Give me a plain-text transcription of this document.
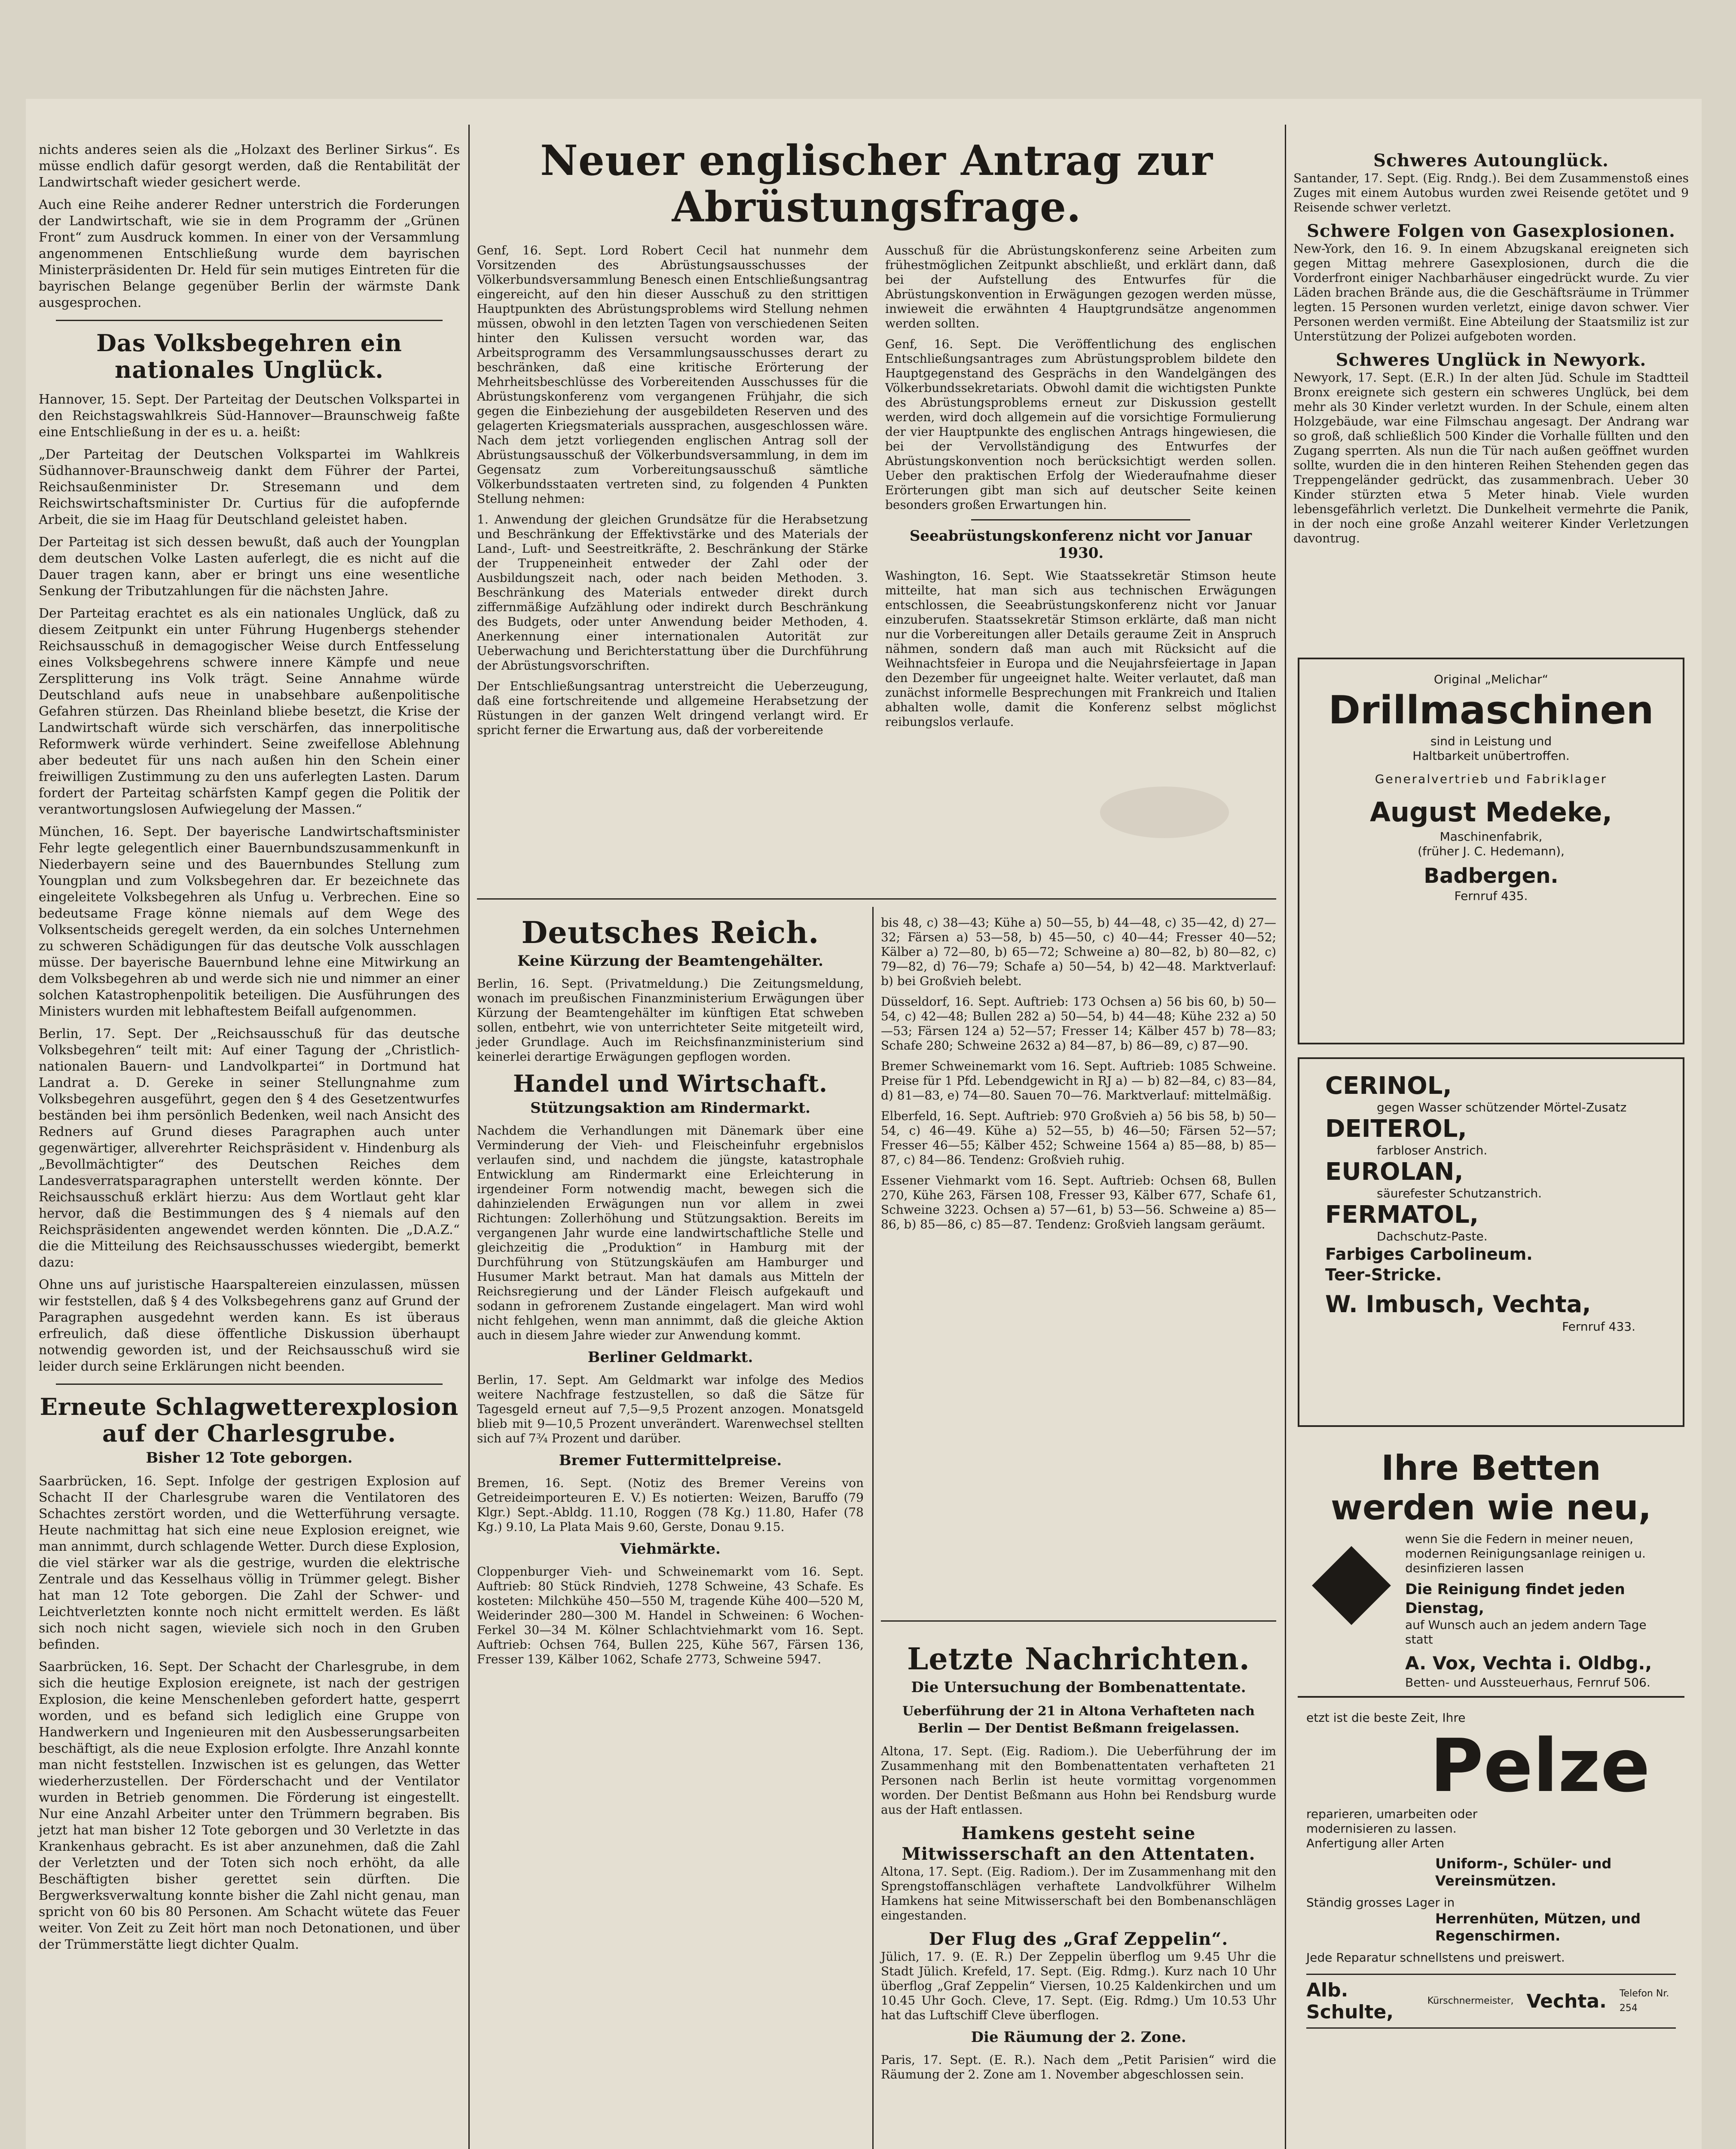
nichts anderes seien als die „Holzaxt des Berliner Sirkus“. Es müsse endlich dafür gesorgt werden, daß die Rentabilität der Landwirtschaft wieder gesichert werde.

Auch eine Reihe anderer Redner unterstrich die Forderungen der Landwirtschaft, wie sie in dem Programm der „Grünen Front“ zum Ausdruck kommen. In einer von der Versammlung angenommenen Entschließung wurde dem bayrischen Ministerpräsidenten Dr. Held für sein mutiges Eintreten für die bayrischen Belange gegenüber Berlin der wärmste Dank ausgesprochen.

Das Volksbegehren ein nationales Unglück.

Hannover, 15. Sept. Der Parteitag der Deutschen Volkspartei in den Reichstagswahlkreis Süd-Hannover—Braunschweig faßte eine Entschließung in der es u. a. heißt:

„Der Parteitag der Deutschen Volkspartei im Wahlkreis Südhannover-Braunschweig dankt dem Führer der Partei, Reichsaußenminister Dr. Stresemann und dem Reichswirtschaftsminister Dr. Curtius für die aufopfernde Arbeit, die sie im Haag für Deutschland geleistet haben.

Der Parteitag ist sich dessen bewußt, daß auch der Youngplan dem deutschen Volke Lasten auferlegt, die es nicht auf die Dauer tragen kann, aber er bringt uns eine wesentliche Senkung der Tributzahlungen für die nächsten Jahre.

Der Parteitag erachtet es als ein nationales Unglück, daß zu diesem Zeitpunkt ein unter Führung Hugenbergs stehender Reichsausschuß in demagogischer Weise durch Entfesselung eines Volksbegehrens schwere innere Kämpfe und neue Zersplitterung ins Volk trägt. Seine Annahme würde Deutschland aufs neue in unabsehbare außenpolitische Gefahren stürzen. Das Rheinland bliebe besetzt, die Krise der Landwirtschaft würde sich verschärfen, das innerpolitische Reformwerk würde verhindert. Seine zweifellose Ablehnung aber bedeutet für uns nach außen hin den Schein einer freiwilligen Zustimmung zu den uns auferlegten Lasten. Darum fordert der Parteitag schärfsten Kampf gegen die Politik der verantwortungslosen Aufwiegelung der Massen.“

München, 16. Sept. Der bayerische Landwirtschaftsminister Fehr legte gelegentlich einer Bauernbundszusammenkunft in Niederbayern seine und des Bauernbundes Stellung zum Youngplan und zum Volksbegehren dar. Er bezeichnete das eingeleitete Volksbegehren als Unfug u. Verbrechen. Eine so bedeutsame Frage könne niemals auf dem Wege des Volksentscheids geregelt werden, da ein solches Unternehmen zu schweren Schädigungen für das deutsche Volk ausschlagen müsse. Der bayerische Bauernbund lehne eine Mitwirkung an dem Volksbegehren ab und werde sich nie und nimmer an einer solchen Katastrophenpolitik beteiligen. Die Ausführungen des Ministers wurden mit lebhaftestem Beifall aufgenommen.

Berlin, 17. Sept. Der „Reichsausschuß für das deutsche Volksbegehren“ teilt mit: Auf einer Tagung der „Christlich-nationalen Bauern- und Landvolkpartei“ in Dortmund hat Landrat a. D. Gereke in seiner Stellungnahme zum Volksbegehren ausgeführt, gegen den § 4 des Gesetzentwurfes beständen bei ihm persönlich Bedenken, weil nach Ansicht des Redners auf Grund dieses Paragraphen auch unter gegenwärtiger, allverehrter Reichspräsident v. Hindenburg als „Bevollmächtigter“ des Deutschen Reiches dem Landesverratsparagraphen unterstellt werden könnte. Der Reichsausschuß erklärt hierzu: Aus dem Wortlaut geht klar hervor, daß die Bestimmungen des § 4 niemals auf den Reichspräsidenten angewendet werden könnten. Die „D.A.Z.“ die die Mitteilung des Reichsausschusses wiedergibt, bemerkt dazu:

Ohne uns auf juristische Haarspaltereien einzulassen, müssen wir feststellen, daß § 4 des Volksbegehrens ganz auf Grund der Paragraphen ausgedehnt werden kann. Es ist überaus erfreulich, daß diese öffentliche Diskussion überhaupt notwendig geworden ist, und der Reichsausschuß wird sie leider durch seine Erklärungen nicht beenden.

Erneute Schlagwetterexplosion auf der Charlesgrube.
Bisher 12 Tote geborgen.

Saarbrücken, 16. Sept. Infolge der gestrigen Explosion auf Schacht II der Charlesgrube waren die Ventilatoren des Schachtes zerstört worden, und die Wetterführung versagte. Heute nachmittag hat sich eine neue Explosion ereignet, wie man annimmt, durch schlagende Wetter. Durch diese Explosion, die viel stärker war als die gestrige, wurden die elektrische Zentrale und das Kesselhaus völlig in Trümmer gelegt. Bisher hat man 12 Tote geborgen. Die Zahl der Schwer- und Leichtverletzten konnte noch nicht ermittelt werden. Es läßt sich noch nicht sagen, wieviele sich noch in den Gruben befinden.

Saarbrücken, 16. Sept. Der Schacht der Charlesgrube, in dem sich die heutige Explosion ereignete, ist nach der gestrigen Explosion, die keine Menschenleben gefordert hatte, gesperrt worden, und es befand sich lediglich eine Gruppe von Handwerkern und Ingenieuren mit den Ausbesserungsarbeiten beschäftigt, als die neue Explosion erfolgte. Ihre Anzahl konnte man nicht feststellen. Inzwischen ist es gelungen, das Wetter wiederherzustellen. Der Förderschacht und der Ventilator wurden in Betrieb genommen. Die Förderung ist eingestellt. Nur eine Anzahl Arbeiter unter den Trümmern begraben. Bis jetzt hat man bisher 12 Tote geborgen und 30 Verletzte in das Krankenhaus gebracht. Es ist aber anzunehmen, daß die Zahl der Verletzten und der Toten sich noch erhöht, da alle Beschäftigten bisher gerettet sein dürften. Die Bergwerksverwaltung konnte bisher die Zahl nicht genau, man spricht von 60 bis 80 Personen. Am Schacht wütete das Feuer weiter. Von Zeit zu Zeit hört man noch Detonationen, und über der Trümmerstätte liegt dichter Qualm.

Neuer englischer Antrag zur Abrüstungsfrage.

Genf, 16. Sept. Lord Robert Cecil hat nunmehr dem Vorsitzenden des Abrüstungsausschusses der Völkerbundsversammlung Benesch einen Entschließungsantrag eingereicht, auf den hin dieser Ausschuß zu den strittigen Hauptpunkten des Abrüstungsproblems wird Stellung nehmen müssen, obwohl in den letzten Tagen von verschiedenen Seiten hinter den Kulissen versucht worden war, das Arbeitsprogramm des Versammlungsausschusses derart zu beschränken, daß eine kritische Erörterung der Mehrheitsbeschlüsse des Vorbereitenden Ausschusses für die Abrüstungskonferenz vom vergangenen Frühjahr, die sich gegen die Einbeziehung der ausgebildeten Reserven und des gelagerten Kriegsmaterials aussprachen, ausgeschlossen wäre. Nach dem jetzt vorliegenden englischen Antrag soll der Abrüstungsausschuß der Völkerbundsversammlung, in dem im Gegensatz zum Vorbereitungsausschuß sämtliche Völkerbundsstaaten vertreten sind, zu folgenden 4 Punkten Stellung nehmen:

1. Anwendung der gleichen Grundsätze für die Herabsetzung und Beschränkung der Effektivstärke und des Materials der Land-, Luft- und Seestreitkräfte, 2. Beschränkung der Stärke der Truppeneinheit entweder der Zahl oder der Ausbildungszeit nach, oder nach beiden Methoden. 3. Beschränkung des Materials entweder direkt durch ziffernmäßige Aufzählung oder indirekt durch Beschränkung des Budgets, oder unter Anwendung beider Methoden, 4. Anerkennung einer internationalen Autorität zur Ueberwachung und Berichterstattung über die Durchführung der Abrüstungsvorschriften.

Der Entschließungsantrag unterstreicht die Ueberzeugung, daß eine fortschreitende und allgemeine Herabsetzung der Rüstungen in der ganzen Welt dringend verlangt wird. Er spricht ferner die Erwartung aus, daß der vorbereitende

Ausschuß für die Abrüstungskonferenz seine Arbeiten zum frühestmöglichen Zeitpunkt abschließt, und erklärt dann, daß bei der Aufstellung des Entwurfes für die Abrüstungskonvention in Erwägungen gezogen werden müsse, inwieweit die erwähnten 4 Hauptgrundsätze angenommen werden sollten.

Genf, 16. Sept. Die Veröffentlichung des englischen Entschließungsantrages zum Abrüstungsproblem bildete den Hauptgegenstand des Gesprächs in den Wandelgängen des Völkerbundssekretariats. Obwohl damit die wichtigsten Punkte des Abrüstungsproblems erneut zur Diskussion gestellt werden, wird doch allgemein auf die vorsichtige Formulierung der vier Hauptpunkte des englischen Antrags hingewiesen, die bei der Vervollständigung des Entwurfes der Abrüstungskonvention noch berücksichtigt werden sollen. Ueber den praktischen Erfolg der Wiederaufnahme dieser Erörterungen gibt man sich auf deutscher Seite keinen besonders großen Erwartungen hin.

Seeabrüstungskonferenz nicht vor Januar 1930.

Washington, 16. Sept. Wie Staatssekretär Stimson heute mitteilte, hat man sich aus technischen Erwägungen entschlossen, die Seeabrüstungskonferenz nicht vor Januar einzuberufen. Staatssekretär Stimson erklärte, daß man nicht nur die Vorbereitungen aller Details geraume Zeit in Anspruch nähmen, sondern daß man auch mit Rücksicht auf die Weihnachtsfeier in Europa und die Neujahrsfeiertage in Japan den Dezember für ungeeignet halte. Weiter verlautet, daß man zunächst informelle Besprechungen mit Frankreich und Italien abhalten wolle, damit die Konferenz selbst möglichst reibungslos verlaufe.

Schweres Autounglück.

Santander, 17. Sept. (Eig. Rndg.). Bei dem Zusammenstoß eines Zuges mit einem Autobus wurden zwei Reisende getötet und 9 Reisende schwer verletzt.

Schwere Folgen von Gasexplosionen.

New-York, den 16. 9. In einem Abzugskanal ereigneten sich gegen Mittag mehrere Gasexplosionen, durch die die Vorderfront einiger Nachbarhäuser eingedrückt wurde. Zu vier Läden brachen Brände aus, die die Geschäftsräume in Trümmer legten. 15 Personen wurden verletzt, einige davon schwer. Vier Personen werden vermißt. Eine Abteilung der Staatsmiliz ist zur Unterstützung der Polizei aufgeboten worden.

Schweres Unglück in Newyork.

Newyork, 17. Sept. (E.R.) In der alten Jüd. Schule im Stadtteil Bronx ereignete sich gestern ein schweres Unglück, bei dem mehr als 30 Kinder verletzt wurden. In der Schule, einem alten Holzgebäude, war eine Filmschau angesagt. Der Andrang war so groß, daß schließlich 500 Kinder die Vorhalle füllten und den Zugang sperrten. Als nun die Tür nach außen geöffnet wurden sollte, wurden die in den hinteren Reihen Stehenden gegen das Treppengeländer gedrückt, das zusammenbrach. Ueber 30 Kinder stürzten etwa 5 Meter hinab. Viele wurden lebensgefährlich verletzt. Die Dunkelheit vermehrte die Panik, in der noch eine große Anzahl weiterer Kinder Verletzungen davontrug.

Deutsches Reich.
Keine Kürzung der Beamtengehälter.

Berlin, 16. Sept. (Privatmeldung.) Die Zeitungsmeldung, wonach im preußischen Finanzministerium Erwägungen über Kürzung der Beamtengehälter im künftigen Etat schweben sollen, entbehrt, wie von unterrichteter Seite mitgeteilt wird, jeder Grundlage. Auch im Reichsfinanzministerium sind keinerlei derartige Erwägungen gepflogen worden.

Handel und Wirtschaft.
Stützungsaktion am Rindermarkt.

Nachdem die Verhandlungen mit Dänemark über eine Verminderung der Vieh- und Fleischeinfuhr ergebnislos verlaufen sind, und nachdem die jüngste, katastrophale Entwicklung am Rindermarkt eine Erleichterung in irgendeiner Form notwendig macht, bewegen sich die dahinzielenden Erwägungen nun vor allem in zwei Richtungen: Zollerhöhung und Stützungsaktion. Bereits im vergangenen Jahr wurde eine landwirtschaftliche Stelle und gleichzeitig die „Produktion“ in Hamburg mit der Durchführung von Stützungskäufen am Hamburger und Husumer Markt betraut. Man hat damals aus Mitteln der Reichsregierung und der Länder Fleisch aufgekauft und sodann in gefrorenem Zustande eingelagert. Man wird wohl nicht fehlgehen, wenn man annimmt, daß die gleiche Aktion auch in diesem Jahre wieder zur Anwendung kommt.

Berliner Geldmarkt.

Berlin, 17. Sept. Am Geldmarkt war infolge des Medios weitere Nachfrage festzustellen, so daß die Sätze für Tagesgeld erneut auf 7,5—9,5 Prozent anzogen. Monatsgeld blieb mit 9—10,5 Prozent unverändert. Warenwechsel stellten sich auf 7¾ Prozent und darüber.

Bremer Futtermittelpreise.

Bremen, 16. Sept. (Notiz des Bremer Vereins von Getreideimporteuren E. V.) Es notierten: Weizen, Baruffo (79 Klgr.) Sept.-Abldg. 11.10, Roggen (78 Kg.) 11.80, Hafer (78 Kg.) 9.10, La Plata Mais 9.60, Gerste, Donau 9.15.

Viehmärkte.

Cloppenburger Vieh- und Schweinemarkt vom 16. Sept. Auftrieb: 80 Stück Rindvieh, 1278 Schweine, 43 Schafe. Es kosteten: Milchkühe 450—550 M, tragende Kühe 400—520 M, Weiderinder 280—300 M. Handel in Schweinen: 6 Wochen-Ferkel 30—34 M. Kölner Schlachtviehmarkt vom 16. Sept. Auftrieb: Ochsen 764, Bullen 225, Kühe 567, Färsen 136, Fresser 139, Kälber 1062, Schafe 2773, Schweine 5947.

bis 48, c) 38—43; Kühe a) 50—55, b) 44—48, c) 35—42, d) 27—32; Färsen a) 53—58, b) 45—50, c) 40—44; Fresser 40—52; Kälber a) 72—80, b) 65—72; Schweine a) 80—82, b) 80—82, c) 79—82, d) 76—79; Schafe a) 50—54, b) 42—48. Marktverlauf: b) bei Großvieh belebt.

Düsseldorf, 16. Sept. Auftrieb: 173 Ochsen a) 56 bis 60, b) 50—54, c) 42—48; Bullen 282 a) 50—54, b) 44—48; Kühe 232 a) 50—53; Färsen 124 a) 52—57; Fresser 14; Kälber 457 b) 78—83; Schafe 280; Schweine 2632 a) 84—87, b) 86—89, c) 87—90.

Bremer Schweinemarkt vom 16. Sept. Auftrieb: 1085 Schweine. Preise für 1 Pfd. Lebendgewicht in RJ a) — b) 82—84, c) 83—84, d) 81—83, e) 74—80. Sauen 70—76. Marktverlauf: mittelmäßig.

Elberfeld, 16. Sept. Auftrieb: 970 Großvieh a) 56 bis 58, b) 50—54, c) 46—49. Kühe a) 52—55, b) 46—50; Färsen 52—57; Fresser 46—55; Kälber 452; Schweine 1564 a) 85—88, b) 85—87, c) 84—86. Tendenz: Großvieh ruhig.

Essener Viehmarkt vom 16. Sept. Auftrieb: Ochsen 68, Bullen 270, Kühe 263, Färsen 108, Fresser 93, Kälber 677, Schafe 61, Schweine 3223. Ochsen a) 57—61, b) 53—56. Schweine a) 85—86, b) 85—86, c) 85—87. Tendenz: Großvieh langsam geräumt.

Letzte Nachrichten.
Die Untersuchung der Bombenattentate.
Ueberführung der 21 in Altona Verhafteten nach Berlin — Der Dentist Beßmann freigelassen.

Altona, 17. Sept. (Eig. Radiom.). Die Ueberführung der im Zusammenhang mit den Bombenattentaten verhafteten 21 Personen nach Berlin ist heute vormittag vorgenommen worden. Der Dentist Beßmann aus Hohn bei Rendsburg wurde aus der Haft entlassen.

Hamkens gesteht seine Mitwisserschaft an den Attentaten.

Altona, 17. Sept. (Eig. Radiom.). Der im Zusammenhang mit den Sprengstoffanschlägen verhaftete Landvolkführer Wilhelm Hamkens hat seine Mitwisserschaft bei den Bombenanschlägen eingestanden.

Der Flug des „Graf Zeppelin“.

Jülich, 17. 9. (E. R.) Der Zeppelin überflog um 9.45 Uhr die Stadt Jülich. Krefeld, 17. Sept. (Eig. Rdmg.). Kurz nach 10 Uhr überflog „Graf Zeppelin“ Viersen, 10.25 Kaldenkirchen und um 10.45 Uhr Goch. Cleve, 17. Sept. (Eig. Rdmg.) Um 10.53 Uhr hat das Luftschiff Cleve überflogen.

Die Räumung der 2. Zone.

Paris, 17. Sept. (E. R.). Nach dem „Petit Parisien“ wird die Räumung der 2. Zone am 1. November abgeschlossen sein.

Original „Melichar“
Drillmaschinen
sind in Leistung und
Haltbarkeit unübertroffen.
Generalvertrieb und Fabriklager
August Medeke,
Maschinenfabrik,
(früher J. C. Hedemann),
Badbergen.
Fernruf 435.
CERINOL,
gegen Wasser schützender Mörtel-Zusatz
DEITEROL,
farbloser Anstrich.
EUROLAN,
säurefester Schutzanstrich.
FERMATOL,
Dachschutz-Paste.
Farbiges Carbolineum.
Teer-Stricke.
W. Imbusch, Vechta,
Fernruf 433.
Ihre Betten
werden wie neu,
wenn Sie die Federn in meiner neuen, modernen Reinigungsanlage reinigen u. desinfizieren lassen
Die Reinigung findet jeden Dienstag,
auf Wunsch auch an jedem andern Tage statt
A. Vox, Vechta i. Oldbg.,
Betten- und Aussteuerhaus, Fernruf 506.
etzt ist die beste Zeit, Ihre
Pelze
reparieren, umarbeiten oder
modernisieren zu lassen.
Anfertigung aller Arten
Uniform-, Schüler- und Vereinsmützen.
Ständig grosses Lager in
Herrenhüten, Mützen, und Regenschirmen.
Jede Reparatur schnellstens und preiswert.
Alb. Schulte,
Kürschnermeister, Vechta. Telefon Nr. 254
